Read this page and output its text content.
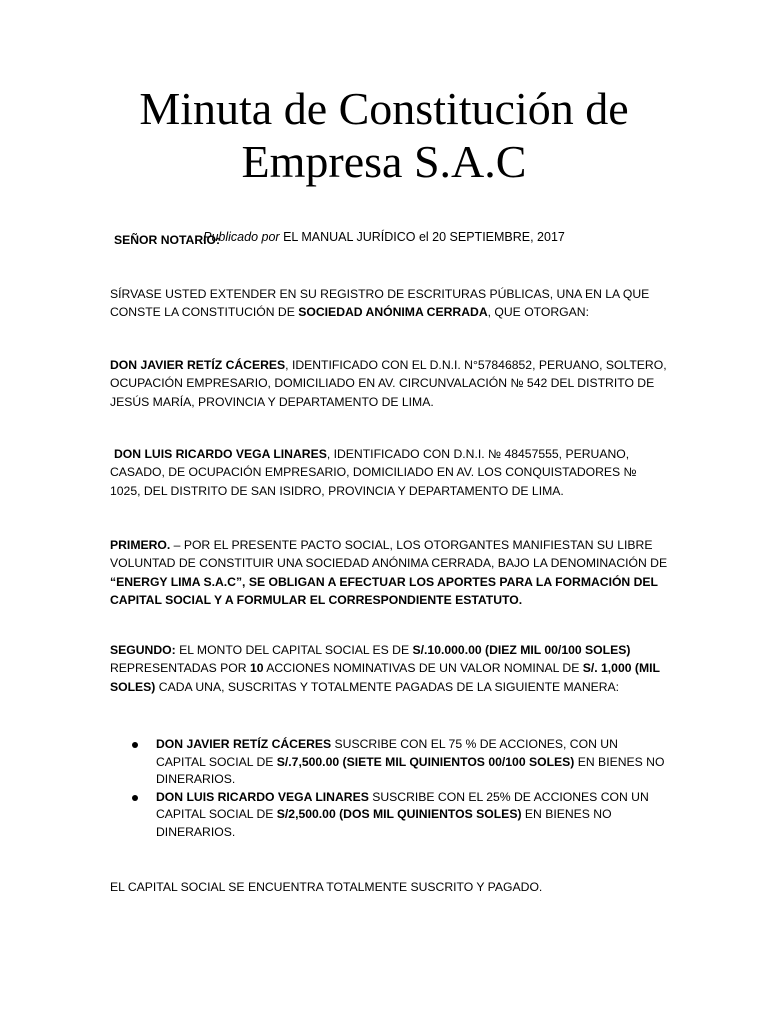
Minuta de Constitución de
Empresa S.A.C
Publicado por EL MANUAL JURÍDICO el 20 SEPTIEMBRE, 2017

SEÑOR NOTARIO:

SÍRVASE USTED EXTENDER EN SU REGISTRO DE ESCRITURAS PÚBLICAS, UNA EN LA QUE CONSTE LA CONSTITUCIÓN DE SOCIEDAD ANÓNIMA CERRADA, QUE OTORGAN:

DON JAVIER RETÍZ CÁCERES, IDENTIFICADO CON EL D.N.I. N°57846852, PERUANO, SOLTERO, OCUPACIÓN EMPRESARIO, DOMICILIADO EN AV. CIRCUNVALACIÓN № 542 DEL DISTRITO DE JESÚS MARÍA, PROVINCIA Y DEPARTAMENTO DE LIMA.

DON LUIS RICARDO VEGA LINARES, IDENTIFICADO CON D.N.I. № 48457555, PERUANO, CASADO, DE OCUPACIÓN EMPRESARIO, DOMICILIADO EN AV. LOS CONQUISTADORES № 1025, DEL DISTRITO DE SAN ISIDRO, PROVINCIA Y DEPARTAMENTO DE LIMA.

PRIMERO. – POR EL PRESENTE PACTO SOCIAL, LOS OTORGANTES MANIFIESTAN SU LIBRE VOLUNTAD DE CONSTITUIR UNA SOCIEDAD ANÓNIMA CERRADA, BAJO LA DENOMINACIÓN DE “ENERGY LIMA S.A.C”, SE OBLIGAN A EFECTUAR LOS APORTES PARA LA FORMACIÓN DEL CAPITAL SOCIAL Y A FORMULAR EL CORRESPONDIENTE ESTATUTO.

SEGUNDO: EL MONTO DEL CAPITAL SOCIAL ES DE S/.10.000.00 (DIEZ MIL 00/100 SOLES) REPRESENTADAS POR 10 ACCIONES NOMINATIVAS DE UN VALOR NOMINAL DE S/. 1,000 (MIL SOLES) CADA UNA, SUSCRITAS Y TOTALMENTE PAGADAS DE LA SIGUIENTE MANERA:

DON JAVIER RETÍZ CÁCERES SUSCRIBE CON EL 75 % DE ACCIONES, CON UN CAPITAL SOCIAL DE S/.7,500.00 (SIETE MIL QUINIENTOS 00/100 SOLES) EN BIENES NO DINERARIOS.
DON LUIS RICARDO VEGA LINARES SUSCRIBE CON EL 25% DE ACCIONES CON UN CAPITAL SOCIAL DE S/2,500.00 (DOS MIL QUINIENTOS SOLES) EN BIENES NO DINERARIOS.

EL CAPITAL SOCIAL SE ENCUENTRA TOTALMENTE SUSCRITO Y PAGADO.
